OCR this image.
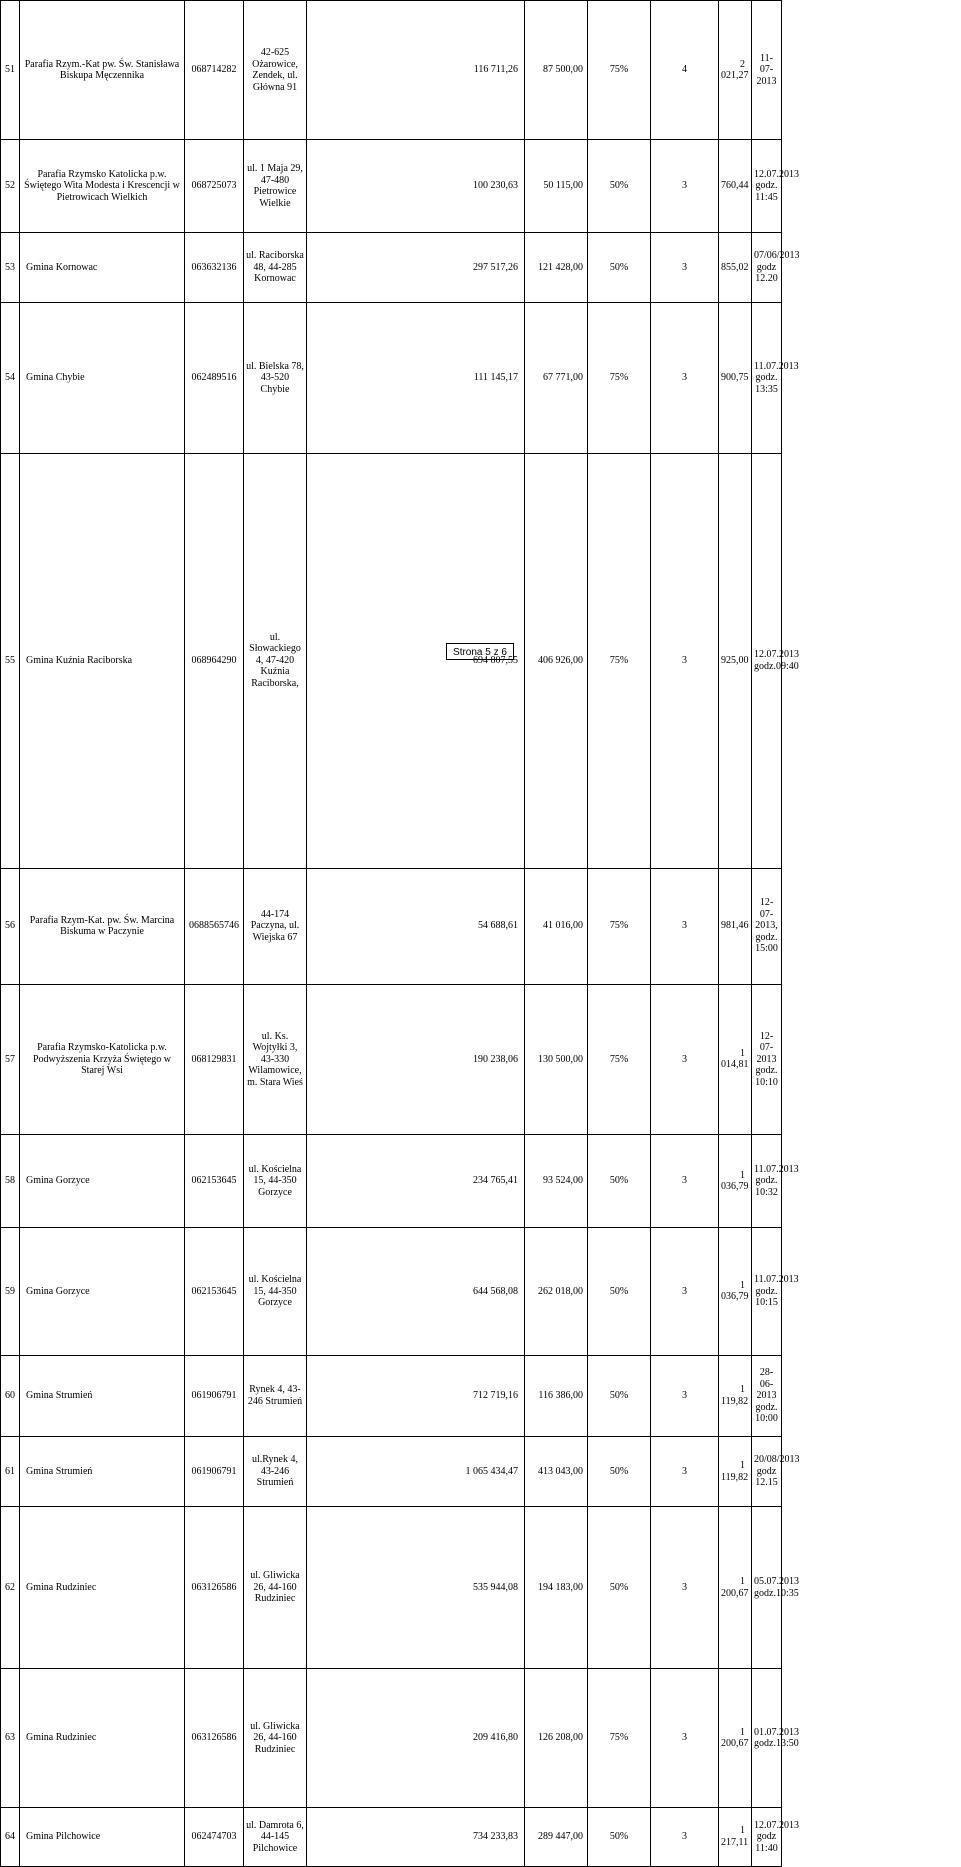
51	Parafia Rzym.-Kat pw. Św. Stanisława Biskupa Męczennika	068714282	42-625 Ożarowice, Zendek, ul. Główna 91		116 711,26		87 500,00	75%	4	2 021,27	11-07-2013
52	Parafia Rzymsko Katolicka p.w. Świętego Wita Modesta i Krescencji w Pietrowicach Wielkich	068725073	ul. 1 Maja 29, 47-480 Pietrowice Wielkie		100 230,63		50 115,00	50%	3	760,44	12.07.2013 godz. 11:45
53	Gmina Kornowac	063632136	ul. Raciborska 48, 44-285 Kornowac		297 517,26		121 428,00	50%	3	855,02	07/06/2013 godz 12.20
54	Gmina Chybie	062489516	ul. Bielska 78, 43-520 Chybie		111 145,17		67 771,00	75%	3	900,75	11.07.2013 godz. 13:35
55	Gmina Kuźnia Raciborska	068964290	ul. Słowackiego 4, 47-420 Kuźnia Raciborska,		694 807,55		406 926,00	75%	3	925,00	12.07.2013 godz.09:40
56	Parafia Rzym-Kat. pw. Św. Marcina Biskuma w Paczynie	0688565746	44-174 Paczyna, ul. Wiejska 67		54 688,61		41 016,00	75%	3	981,46	12-07-2013, godz. 15:00
57	Parafia Rzymsko-Katolicka p.w. Podwyższenia Krzyża Świętego w Starej Wsi	068129831	ul. Ks. Wojtyłki 3, 43-330 Wilamowice, m. Stara Wieś		190 238,06		130 500,00	75%	3	1 014,81	12-07-2013 godz. 10:10
58	Gmina Gorzyce	062153645	ul. Kościelna 15, 44-350 Gorzyce		234 765,41		93 524,00	50%	3	1 036,79	11.07.2013 godz. 10:32
59	Gmina Gorzyce	062153645	ul. Kościelna 15, 44-350 Gorzyce		644 568,08		262 018,00	50%	3	1 036,79	11.07.2013 godz. 10:15
60	Gmina Strumień	061906791	Rynek 4, 43-246 Strumień		712 719,16		116 386,00	50%	3	1 119,82	28-06-2013 godz. 10:00
61	Gmina Strumień	061906791	ul.Rynek 4, 43-246 Strumień		1 065 434,47		413 043,00	50%	3	1 119,82	20/08/2013 godz 12.15
62	Gmina Rudziniec	063126586	ul. Gliwicka 26, 44-160 Rudziniec		535 944,08		194 183,00	50%	3	1 200,67	05.07.2013 godz.10:35
63	Gmina Rudziniec	063126586	ul. Gliwicka 26, 44-160 Rudziniec		209 416,80		126 208,00	75%	3	1 200,67	01.07.2013 godz.13:50
64	Gmina Pilchowice	062474703	ul. Damrota 6, 44-145 Pilchowice		734 233,83		289 447,00	50%	3	1 217,11	12.07.2013 godz 11:40
Strona 5 z 6
